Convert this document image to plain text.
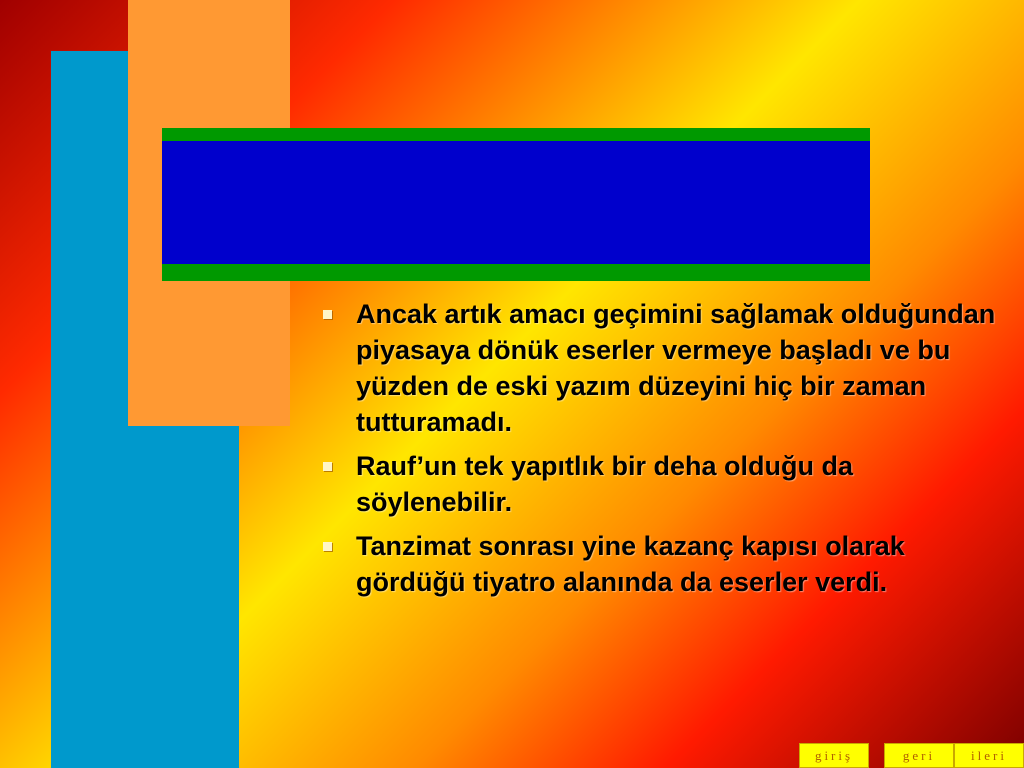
Ancak artık amacı geçimini sağlamak olduğundan piyasaya dönük eserler vermeye başladı ve bu yüzden de eski yazım düzeyini hiç bir zaman tutturamadı.
Rauf’un tek yapıtlık bir deha olduğu da söylenebilir.
Tanzimat sonrası yine kazanç kapısı olarak gördüğü tiyatro alanında da eserler verdi.
giriş	geri	ileri
